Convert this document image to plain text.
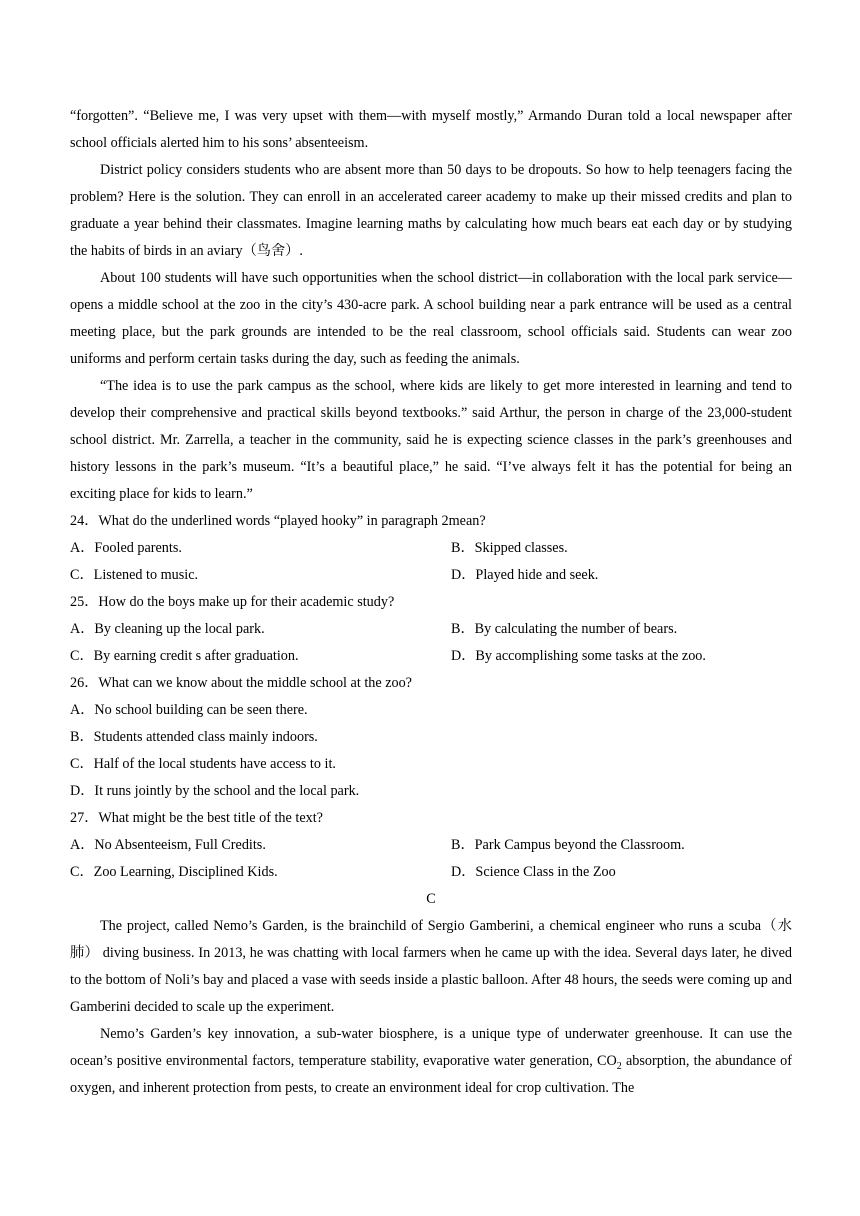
“forgotten”. “Believe me, I was very upset with them—with myself mostly,” Armando Duran told a local newspaper after school officials alerted him to his sons’ absenteeism.

District policy considers students who are absent more than 50 days to be dropouts. So how to help teenagers facing the problem? Here is the solution. They can enroll in an accelerated career academy to make up their missed credits and plan to graduate a year behind their classmates. Imagine learning maths by calculating how much bears eat each day or by studying the habits of birds in an aviary（鸟舍）.

About 100 students will have such opportunities when the school district—in collaboration with the local park service—opens a middle school at the zoo in the city’s 430-acre park. A school building near a park entrance will be used as a central meeting place, but the park grounds are intended to be the real classroom, school officials said. Students can wear zoo uniforms and perform certain tasks during the day, such as feeding the animals.

“The idea is to use the park campus as the school, where kids are likely to get more interested in learning and tend to develop their comprehensive and practical skills beyond textbooks.” said Arthur, the person in charge of the 23,000-student school district. Mr. Zarrella, a teacher in the community, said he is expecting science classes in the park’s greenhouses and history lessons in the park’s museum. “It’s a beautiful place,” he said. “I’ve always felt it has the potential for being an exciting place for kids to learn.”

24．What do the underlined words “played hooky” in paragraph 2mean?
A．Fooled parents.	B．Skipped classes.
C．Listened to music.	D．Played hide and seek.
25．How do the boys make up for their academic study?
A．By cleaning up the local park.	B．By calculating the number of bears.
C．By earning credit s after graduation.	D．By accomplishing some tasks at the zoo.
26．What can we know about the middle school at the zoo?
A．No school building can be seen there.
B．Students attended class mainly indoors.
C．Half of the local students have access to it.
D．It runs jointly by the school and the local park.
27．What might be the best title of the text?
A．No Absenteeism, Full Credits.	B．Park Campus beyond the Classroom.
C．Zoo Learning, Disciplined Kids.	D．Science Class in the Zoo
C

The project, called Nemo’s Garden, is the brainchild of Sergio Gamberini, a chemical engineer who runs a scuba（水肺） diving business. In 2013, he was chatting with local farmers when he came up with the idea. Several days later, he dived to the bottom of Noli’s bay and placed a vase with seeds inside a plastic balloon. After 48 hours, the seeds were coming up and Gamberini decided to scale up the experiment.

Nemo’s Garden’s key innovation, a sub-water biosphere, is a unique type of underwater greenhouse. It can use the ocean’s positive environmental factors, temperature stability, evaporative water generation, $CO_2$ absorption, the abundance of oxygen, and inherent protection from pests, to create an environment ideal for crop cultivation. The
